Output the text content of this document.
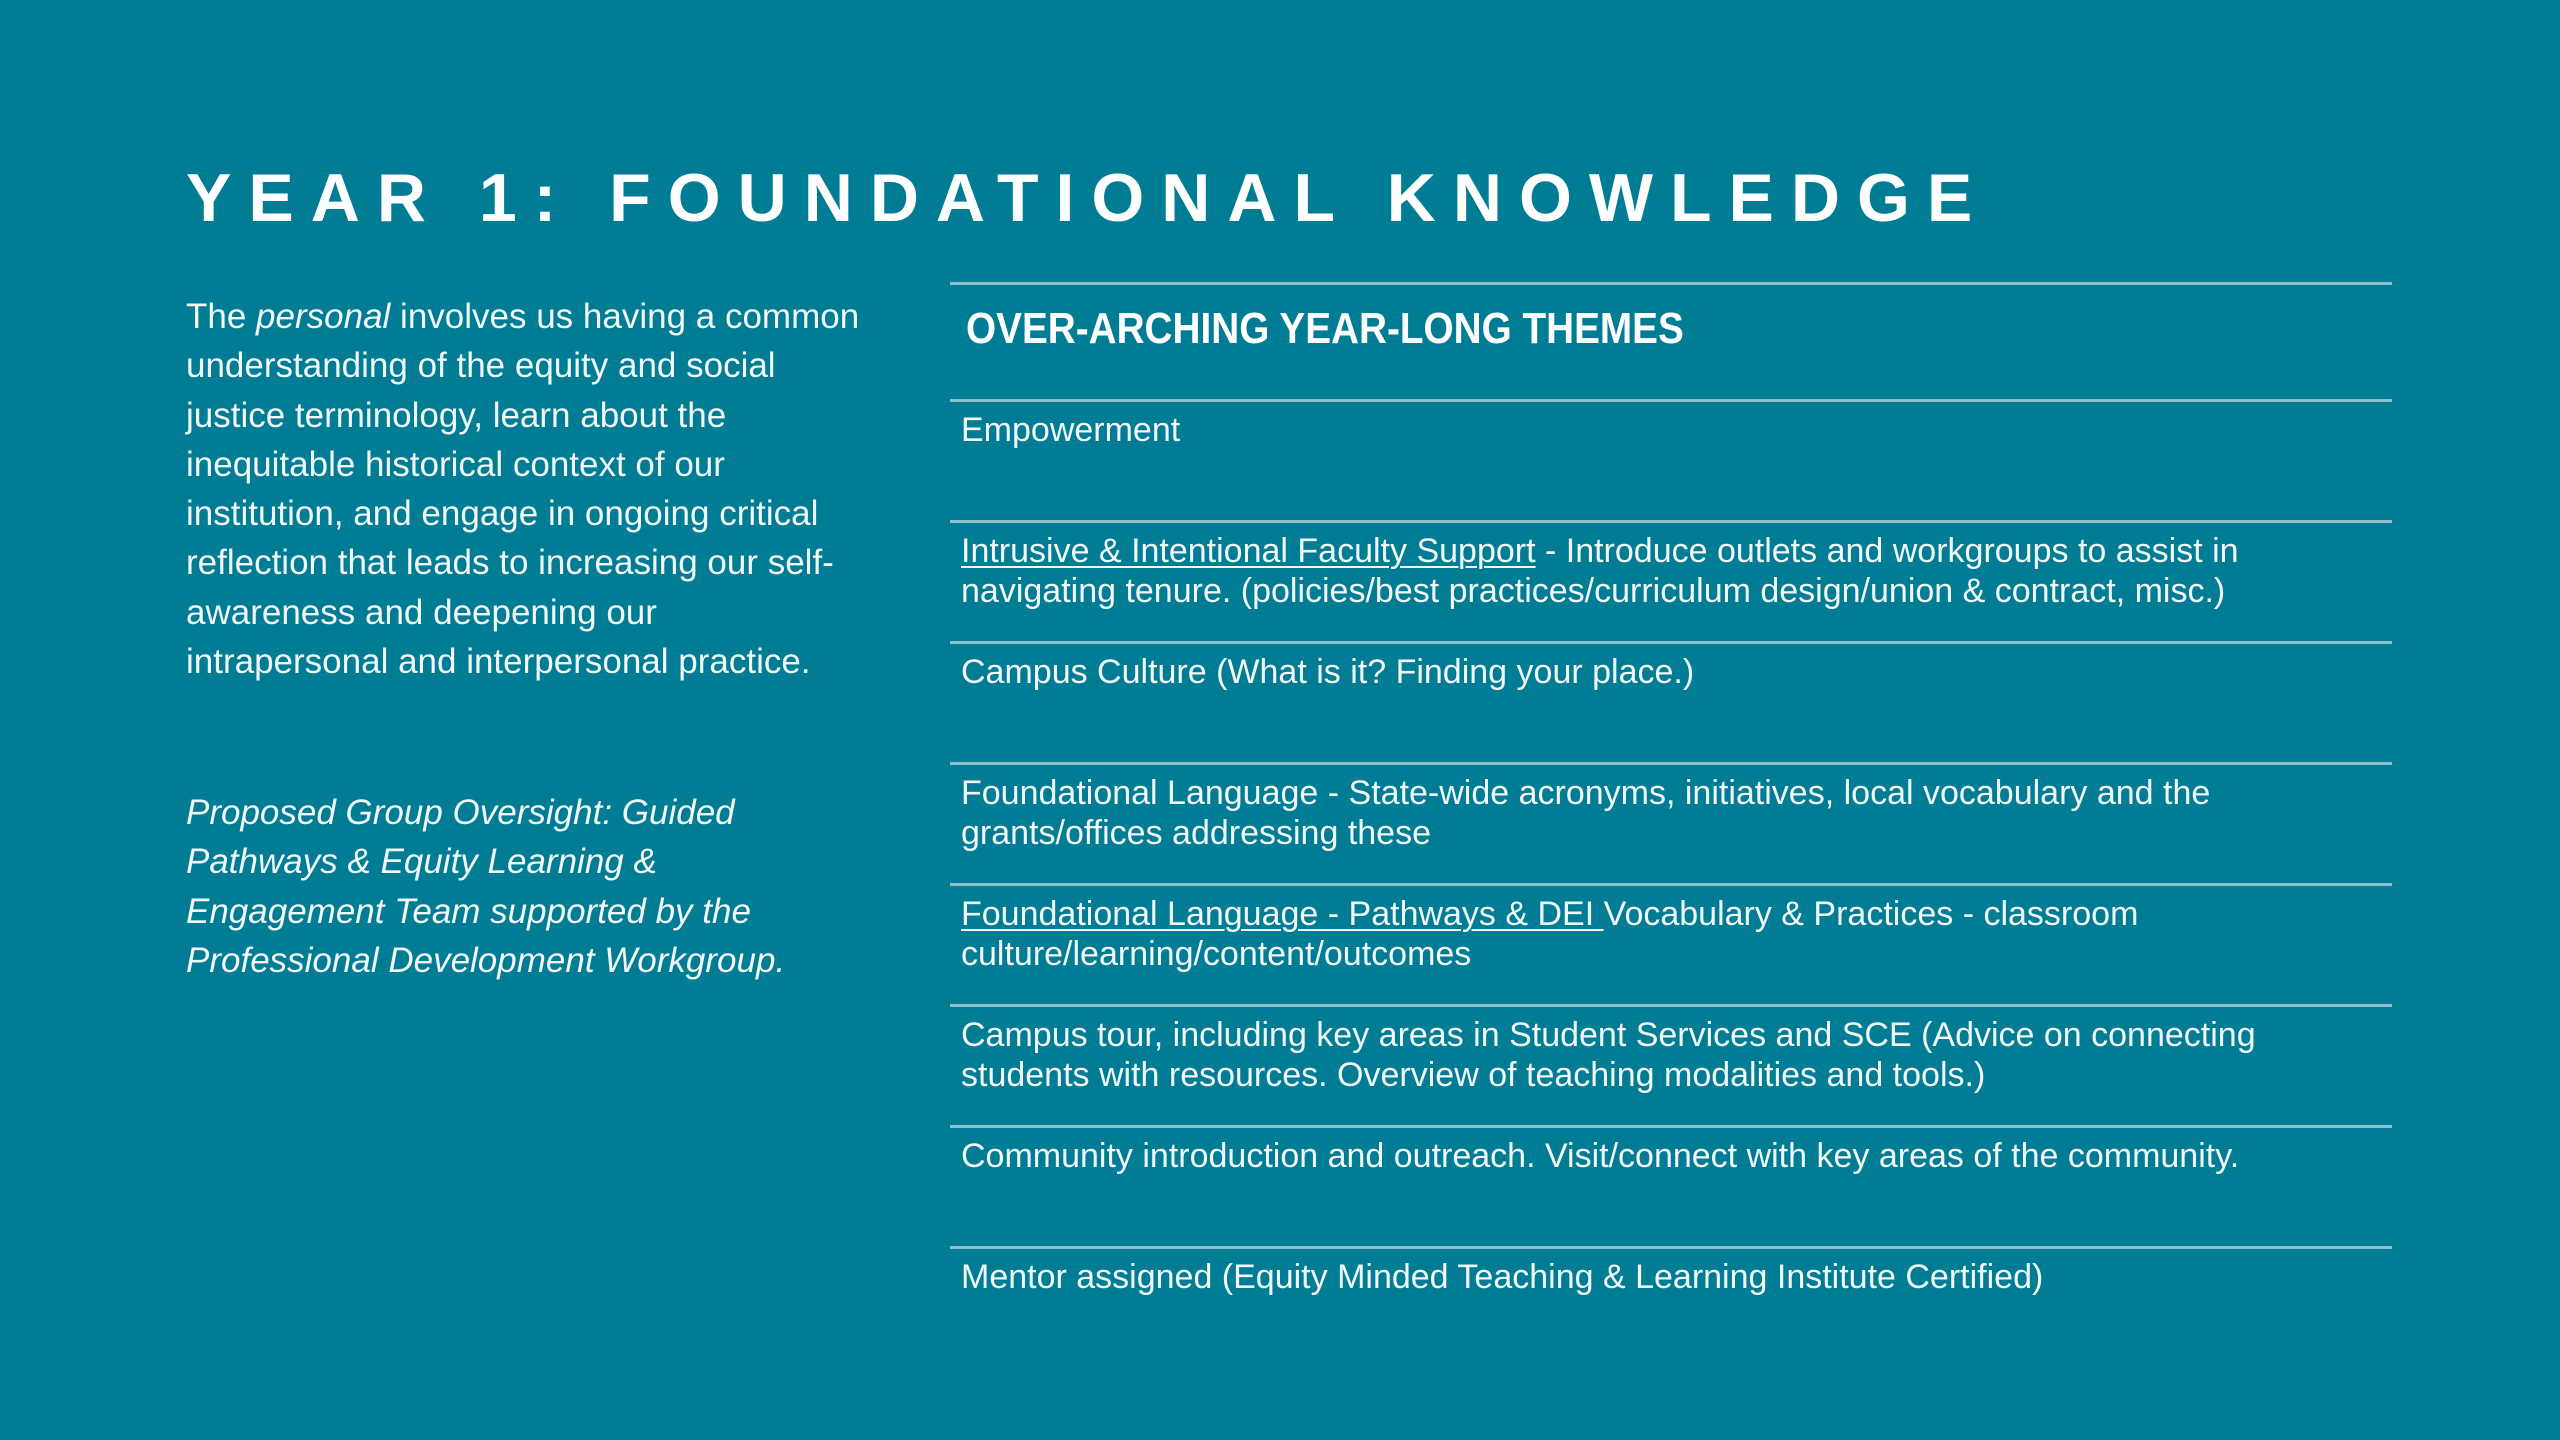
YEAR 1: FOUNDATIONAL KNOWLEDGE

The personal involves us having a common understanding of the equity and social justice terminology, learn about the inequitable historical context of our institution, and engage in ongoing critical reflection that leads to increasing our self-awareness and deepening our intrapersonal and interpersonal practice.

Proposed Group Oversight: Guided Pathways & Equity Learning & Engagement Team supported by the Professional Development Workgroup.

OVER-ARCHING YEAR-LONG THEMES
Empowerment
Intrusive & Intentional Faculty Support - Introduce outlets and workgroups to assist in navigating tenure. (policies/best practices/curriculum design/union & contract, misc.)
Campus Culture (What is it? Finding your place.)
Foundational Language - State-wide acronyms, initiatives, local vocabulary and the grants/offices addressing these
Foundational Language - Pathways & DEI Vocabulary & Practices - classroom culture/learning/content/outcomes
Campus tour, including key areas in Student Services and SCE (Advice on connecting students with resources. Overview of teaching modalities and tools.)
Community introduction and outreach. Visit/connect with key areas of the community.
Mentor assigned (Equity Minded Teaching & Learning Institute Certified)
